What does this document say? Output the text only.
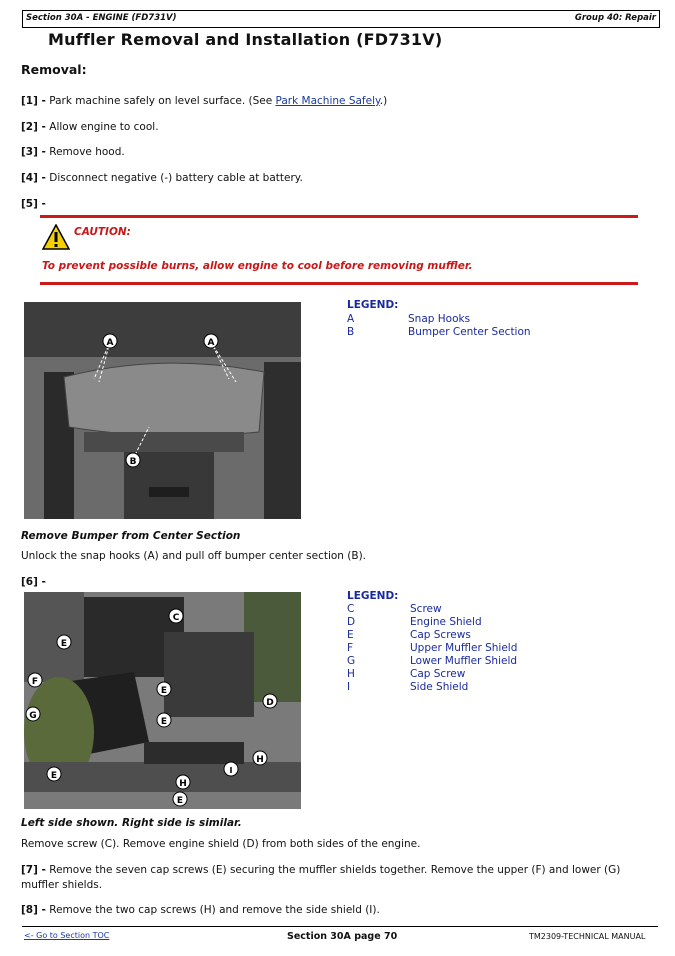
Section 30A - ENGINE (FD731V)	Group 40: Repair
Muffler Removal and Installation (FD731V)
Removal:
[1] - Park machine safely on level surface. (See Park Machine Safely.)
[2] - Allow engine to cool.
[3] - Remove hood.
[4] - Disconnect negative (-) battery cable at battery.
[5] -
CAUTION:
To prevent possible burns, allow engine to cool before removing muffler.
A	A
B
LEGEND:
A	Snap Hooks
B	Bumper Center Section
Remove Bumper from Center Section
Unlock the snap hooks (A) and pull off bumper center section (B).
[6] -
C
E
F
E
D
G
E
H
I
H
E
E
LEGEND:
C	Screw
D	Engine Shield
E	Cap Screws
F	Upper Muffler Shield
G	Lower Muffler Shield
H	Cap Screw
I	Side Shield
Left side shown. Right side is similar.
Remove screw (C). Remove engine shield (D) from both sides of the engine.
[7] - Remove the seven cap screws (E) securing the muffler shields together. Remove the upper (F) and lower (G) muffler shields.
[8] - Remove the two cap screws (H) and remove the side shield (I).
<- Go to Section TOC	Section 30A page 70	TM2309-TECHNICAL MANUAL
